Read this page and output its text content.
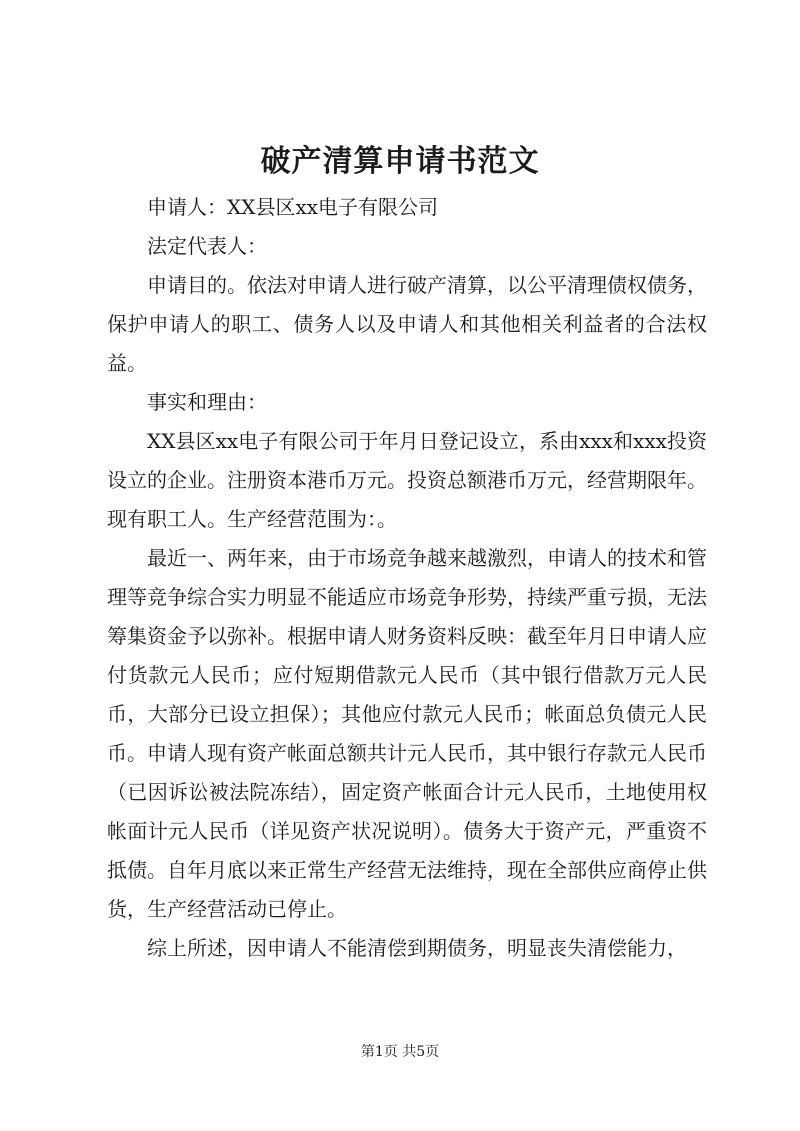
破产清算申请书范文

申请人：XX县区xx电子有限公司

法定代表人：

申请目的。依法对申请人进行破产清算，以公平清理债权债务，保护申请人的职工、债务人以及申请人和其他相关利益者的合法权益。

事实和理由：

XX县区xx电子有限公司于年月日登记设立，系由xxx和xxx投资设立的企业。注册资本港币万元。投资总额港币万元，经营期限年。现有职工人。生产经营范围为：。

最近一、两年来，由于市场竞争越来越激烈，申请人的技术和管理等竞争综合实力明显不能适应市场竞争形势，持续严重亏损，无法筹集资金予以弥补。根据申请人财务资料反映：截至年月日申请人应付货款元人民币；应付短期借款元人民币（其中银行借款万元人民币，大部分已设立担保）；其他应付款元人民币；帐面总负债元人民币。申请人现有资产帐面总额共计元人民币，其中银行存款元人民币（已因诉讼被法院冻结），固定资产帐面合计元人民币，土地使用权帐面计元人民币（详见资产状况说明）。债务大于资产元，严重资不抵债。自年月底以来正常生产经营无法维持，现在全部供应商停止供货，生产经营活动已停止。

综上所述，因申请人不能清偿到期债务，明显丧失清偿能力，

第1页 共5页
